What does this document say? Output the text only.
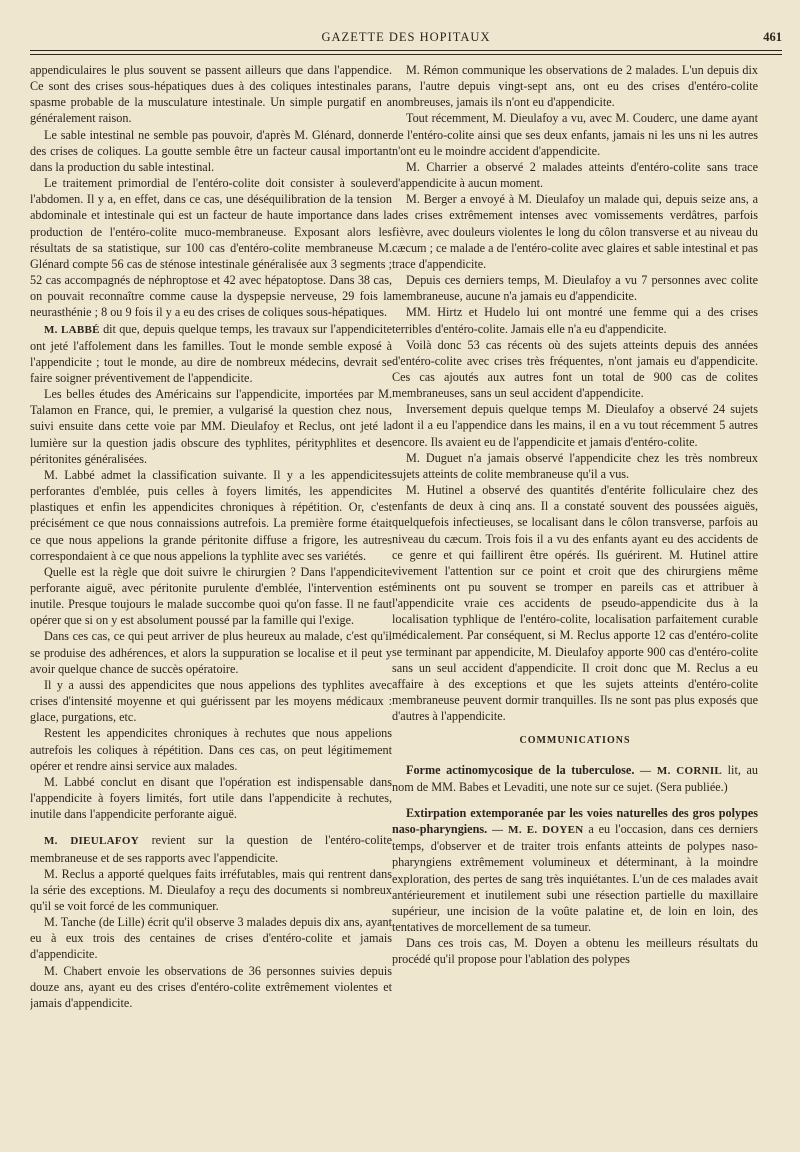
GAZETTE DES HOPITAUX	461

appendiculaires le plus souvent se passent ailleurs que dans l'appendice. Ce sont des crises sous-hépatiques dues à des coliques intestinales par spasme probable de la musculature intestinale. Un simple purgatif en a généralement raison.

Le sable intestinal ne semble pas pouvoir, d'après M. Glénard, donner des crises de coliques. La goutte semble être un facteur causal important dans la production du sable intestinal.

Le traitement primordial de l'entéro-colite doit consister à soulever l'abdomen. Il y a, en effet, dans ce cas, une déséquilibration de la tension abdominale et intestinale qui est un facteur de haute importance dans la production de l'entéro-colite muco-membraneuse. Exposant alors les résultats de sa statistique, sur 100 cas d'entéro-colite membraneuse M. Glénard compte 56 cas de sténose intestinale généralisée aux 3 segments ; 52 cas accompagnés de néphroptose et 42 avec hépatoptose. Dans 38 cas, on pouvait reconnaître comme cause la dyspepsie nerveuse, 29 fois la neurasthénie ; 8 ou 9 fois il y a eu des crises de coliques sous-hépatiques.

M. LABBÉ dit que, depuis quelque temps, les travaux sur l'appendicite ont jeté l'affolement dans les familles. Tout le monde semble exposé à l'appendicite ; tout le monde, au dire de nombreux médecins, devrait se faire soigner préventivement de l'appendicite.

Les belles études des Américains sur l'appendicite, importées par M. Talamon en France, qui, le premier, a vulgarisé la question chez nous, suivi ensuite dans cette voie par MM. Dieulafoy et Reclus, ont jeté la lumière sur la question jadis obscure des typhlites, pérityphlites et des péritonites généralisées.

M. Labbé admet la classification suivante. Il y a les appendicites perforantes d'emblée, puis celles à foyers limités, les appendicites plastiques et enfin les appendicites chroniques à répétition. Or, c'est précisément ce que nous connaissions autrefois. La première forme était ce que nous appelions la grande péritonite diffuse a frigore, les autres correspondaient à ce que nous appelions la typhlite avec ses variétés.

Quelle est la règle que doit suivre le chirurgien ? Dans l'appendicite perforante aiguë, avec péritonite purulente d'emblée, l'intervention est inutile. Presque toujours le malade succombe quoi qu'on fasse. Il ne faut opérer que si on y est absolument poussé par la famille qui l'exige.

Dans ces cas, ce qui peut arriver de plus heureux au malade, c'est qu'il se produise des adhérences, et alors la suppuration se localise et il peut y avoir quelque chance de succès opératoire.

Il y a aussi des appendicites que nous appelions des typhlites avec crises d'intensité moyenne et qui guérissent par les moyens médicaux : glace, purgations, etc.

Restent les appendicites chroniques à rechutes que nous appelions autrefois les coliques à répétition. Dans ces cas, on peut légitimement opérer et rendre ainsi service aux malades.

M. Labbé conclut en disant que l'opération est indispensable dans l'appendicite à foyers limités, fort utile dans l'appendicite à rechutes, inutile dans l'appendicite perforante aiguë.

M. DIEULAFOY revient sur la question de l'entéro-colite membraneuse et de ses rapports avec l'appendicite.

M. Reclus a apporté quelques faits irréfutables, mais qui rentrent dans la série des exceptions. M. Dieulafoy a reçu des documents si nombreux qu'il se voit forcé de les communiquer.

M. Tanche (de Lille) écrit qu'il observe 3 malades depuis dix ans, ayant eu à eux trois des centaines de crises d'entéro-colite et jamais d'appendicite.

M. Chabert envoie les observations de 36 personnes suivies depuis douze ans, ayant eu des crises d'entéro-colite extrêmement violentes et jamais d'appendicite.

M. Rémon communique les observations de 2 malades. L'un depuis dix ans, l'autre depuis vingt-sept ans, ont eu des crises d'entéro-colite nombreuses, jamais ils n'ont eu d'appendicite.

Tout récemment, M. Dieulafoy a vu, avec M. Couderc, une dame ayant de l'entéro-colite ainsi que ses deux enfants, jamais ni les uns ni les autres n'ont eu le moindre accident d'appendicite.

M. Charrier a observé 2 malades atteints d'entéro-colite sans trace d'appendicite à aucun moment.

M. Berger a envoyé à M. Dieulafoy un malade qui, depuis seize ans, a des crises extrêmement intenses avec vomissements verdâtres, parfois fièvre, avec douleurs violentes le long du côlon transverse et au niveau du cæcum ; ce malade a de l'entéro-colite avec glaires et sable intestinal et pas trace d'appendicite.

Depuis ces derniers temps, M. Dieulafoy a vu 7 personnes avec colite membraneuse, aucune n'a jamais eu d'appendicite.

MM. Hirtz et Hudelo lui ont montré une femme qui a des crises terribles d'entéro-colite. Jamais elle n'a eu d'appendicite.

Voilà donc 53 cas récents où des sujets atteints depuis des années d'entéro-colite avec crises très fréquentes, n'ont jamais eu d'appendicite. Ces cas ajoutés aux autres font un total de 900 cas de colites membraneuses, sans un seul accident d'appendicite.

Inversement depuis quelque temps M. Dieulafoy a observé 24 sujets dont il a eu l'appendice dans les mains, il en a vu tout récemment 5 autres encore. Ils avaient eu de l'appendicite et jamais d'entéro-colite.

M. Duguet n'a jamais observé l'appendicite chez les très nombreux sujets atteints de colite membraneuse qu'il a vus.

M. Hutinel a observé des quantités d'entérite folliculaire chez des enfants de deux à cinq ans. Il a constaté souvent des poussées aiguës, quelquefois infectieuses, se localisant dans le côlon transverse, parfois au niveau du cæcum. Trois fois il a vu des enfants ayant eu des accidents de ce genre et qui faillirent être opérés. Ils guérirent. M. Hutinel attire vivement l'attention sur ce point et croit que des chirurgiens même éminents ont pu souvent se tromper en pareils cas et attribuer à l'appendicite vraie ces accidents de pseudo-appendicite dus à la localisation typhlique de l'entéro-colite, localisation parfaitement curable médicalement. Par conséquent, si M. Reclus apporte 12 cas d'entéro-colite se terminant par appendicite, M. Dieulafoy apporte 900 cas d'entéro-colite sans un seul accident d'appendicite. Il croit donc que M. Reclus a eu affaire à des exceptions et que les sujets atteints d'entéro-colite membraneuse peuvent dormir tranquilles. Ils ne sont pas plus exposés que d'autres à l'appendicite.

COMMUNICATIONS

Forme actinomycosique de la tuberculose. — M. CORNIL lit, au nom de MM. Babes et Levaditi, une note sur ce sujet. (Sera publiée.)

Extirpation extemporanée par les voies naturelles des gros polypes naso-pharyngiens. — M. E. DOYEN a eu l'occasion, dans ces derniers temps, d'observer et de traiter trois enfants atteints de polypes naso-pharyngiens extrêmement volumineux et déterminant, à la moindre exploration, des pertes de sang très inquiétantes. L'un de ces malades avait antérieurement et inutilement subi une résection partielle du maxillaire supérieur, une incision de la voûte palatine et, de loin en loin, des tentatives de morcellement de sa tumeur.

Dans ces trois cas, M. Doyen a obtenu les meilleurs résultats du procédé qu'il propose pour l'ablation des polypes
